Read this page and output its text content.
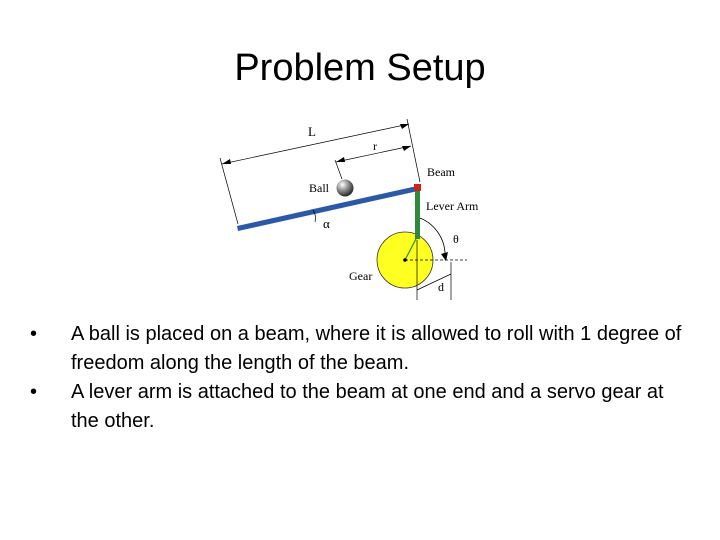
Problem Setup
L
r
Beam
Ball
Lever Arm
α
θ
Gear
d
•	A ball is placed on a beam, where it is allowed to roll with 1 degree of freedom along the length of the beam.
•	A lever arm is attached to the beam at one end and a servo gear at the other.
